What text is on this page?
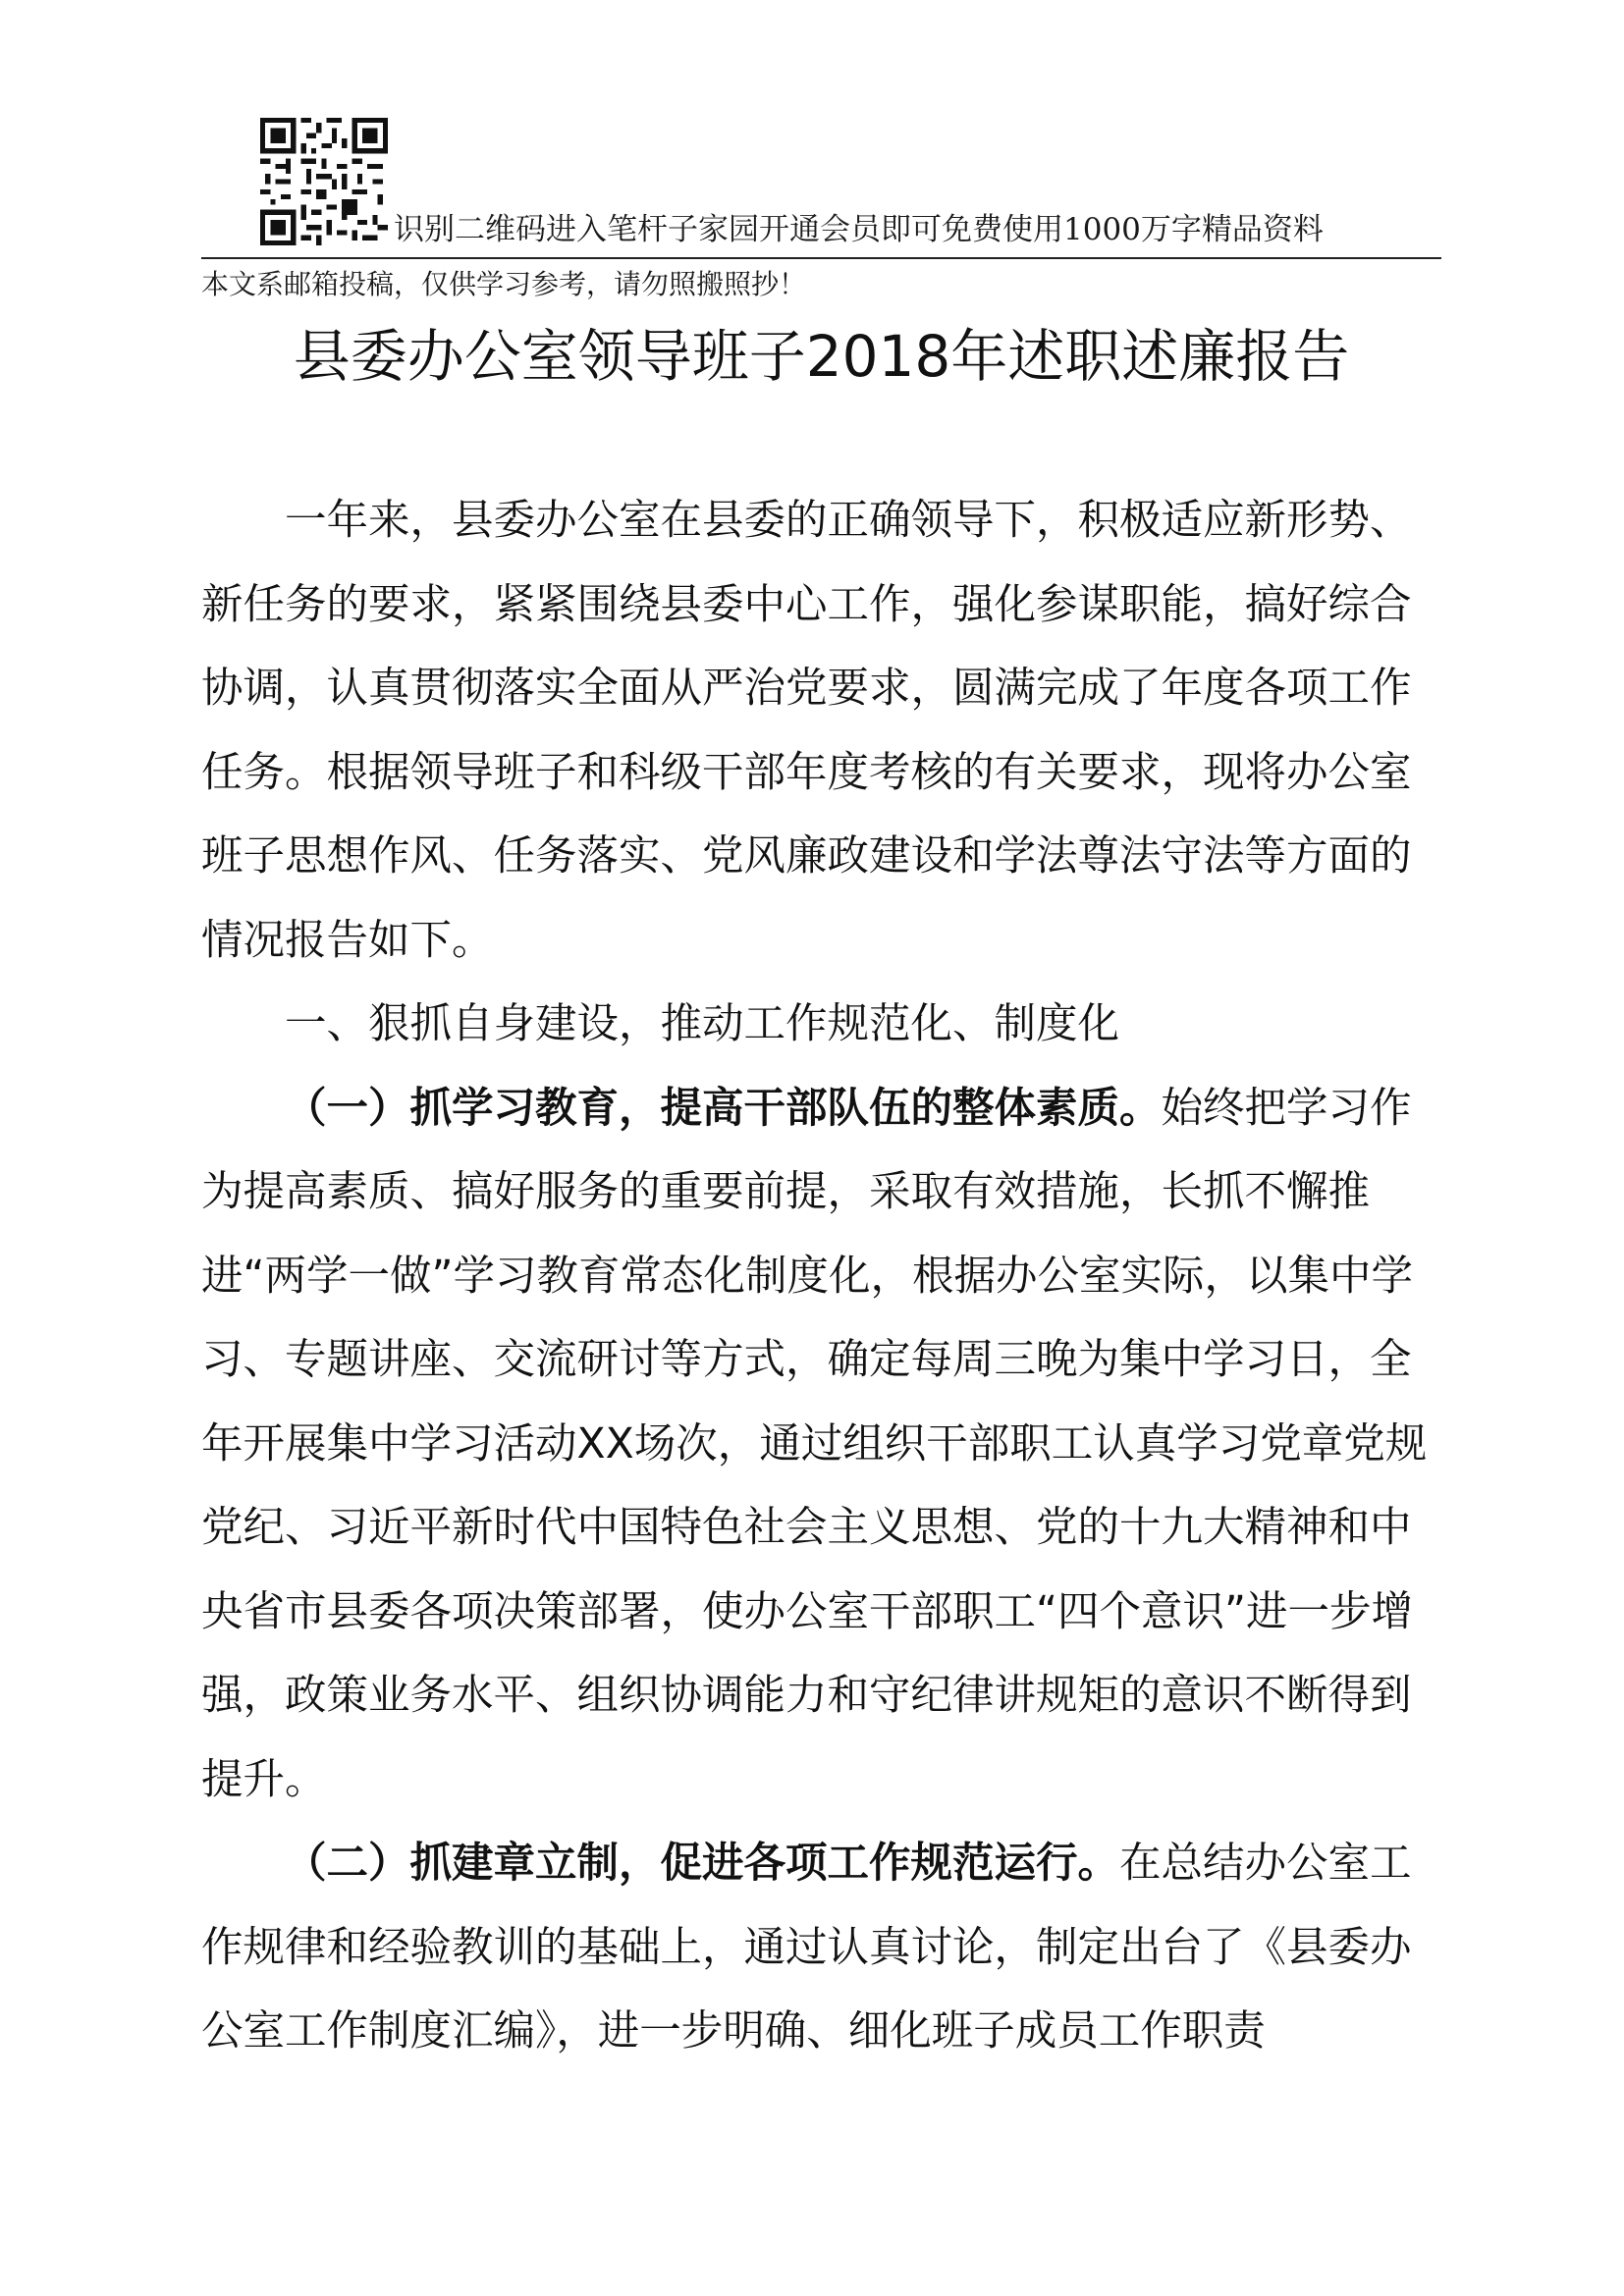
识别二维码进入笔杆子家园开通会员即可免费使用1000万字精品资料
本文系邮箱投稿，仅供学习参考，请勿照搬照抄！
县委办公室领导班子2018年述职述廉报告

一年来，县委办公室在县委的正确领导下，积极适应新形势、新任务的要求，紧紧围绕县委中心工作，强化参谋职能，搞好综合协调，认真贯彻落实全面从严治党要求，圆满完成了年度各项工作任务。根据领导班子和科级干部年度考核的有关要求，现将办公室班子思想作风、任务落实、党风廉政建设和学法尊法守法等方面的情况报告如下。

一、狠抓自身建设，推动工作规范化、制度化

（一）抓学习教育，提高干部队伍的整体素质。始终把学习作为提高素质、搞好服务的重要前提，采取有效措施，长抓不懈推进“两学一做”学习教育常态化制度化，根据办公室实际，以集中学习、专题讲座、交流研讨等方式，确定每周三晚为集中学习日，全年开展集中学习活动XX场次，通过组织干部职工认真学习党章党规党纪、习近平新时代中国特色社会主义思想、党的十九大精神和中央省市县委各项决策部署，使办公室干部职工“四个意识”进一步增强，政策业务水平、组织协调能力和守纪律讲规矩的意识不断得到提升。

（二）抓建章立制，促进各项工作规范运行。在总结办公室工作规律和经验教训的基础上，通过认真讨论，制定出台了《县委办公室工作制度汇编》，进一步明确、细化班子成员工作职责
